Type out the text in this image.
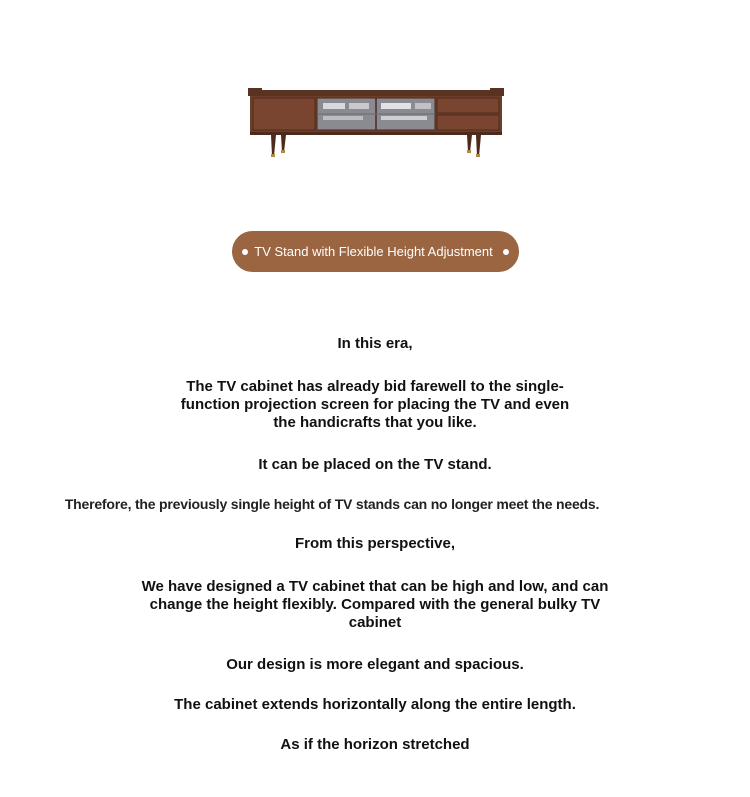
TV Stand with Flexible Height Adjustment
In this era,
The TV cabinet has already bid farewell to the single-
function projection screen for placing the TV and even
the handicrafts that you like.
It can be placed on the TV stand.
Therefore, the previously single height of TV stands can no longer meet the needs.
From this perspective,
We have designed a TV cabinet that can be high and low, and can
change the height flexibly. Compared with the general bulky TV
cabinet
Our design is more elegant and spacious.
The cabinet extends horizontally along the entire length.
As if the horizon stretched
